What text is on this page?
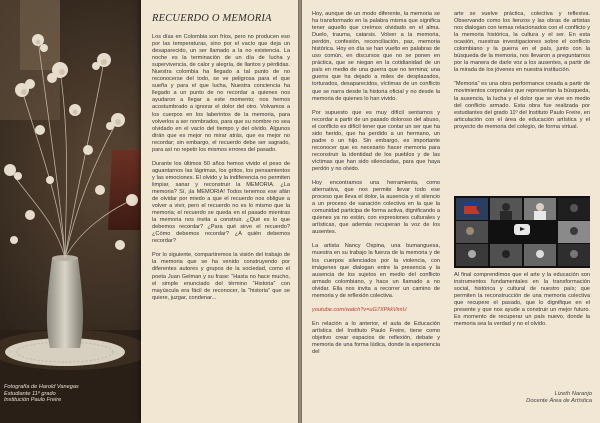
RECUERDO O MEMORIA

Los días en Colombia son fríos, pero no producen eso por las temperaturas, sino por el vacío que deja un desaparecido, un ser llamado a la no existencia. La noche es la terminación de un día de lucha y supervivencia, de calor y alegría, de llantos y pérdidas. Nuestra colombia ha llegado a tal punto de no reconocerse del todo, se ve peligrosa para el que sueña y para el que lucha, Nuestra conciencia ha llegado a un punto de no recordar a quienes nos ayudaron a llegar a este momento; nos hemos acostumbrado a ignorar el dolor del otro. Volvamos a los cuerpos en los laberintos de la memoria, para volverlos a ser nombrados, para que su nombre no sea olvidado en el vacío del tiempo y del olvido. Algunos dirán que es mejor no mirar atrás, que es mejor no recordar; sin embargo, el recuerdo debe ser sagrado, para así no repetir los mismos errores del pasado.

Durante los últimos 50 años hemos vivido el peso de aguantarnos las lágrimas, los gritos, los pensamientos y las emociones. El olvido y la indiferencia no permiten limpiar, sanar y reconstruir la MEMORIA. ¿La memoria? Sí, ¡la MEMORIA! Todos tenemos ese afán de olvidar por miedo a que el recuerdo nos obligue a volver a vivir, pero el recuerdo no es lo mismo que la memoria; el recuerdo se queda en el pasado mientras la memoria nos invita a construir. ¿Qué es lo que debemos recordar? ¿Para qué sirve el recuerdo? ¿Cómo debemos recordar? ¿A quién debemos recordar?

Por lo siguiente, compartiremos la visión del trabajo de la memoria que se ha venido construyendo por diferentes autores y grupos de la sociedad, como el poeta Juan Gelman y su frase: “Hasta no hace mucho, el simple enunciado del término “Historia” con mayúscula era fácil de reconocer, la “historia” que se quiere, juzgar, condenar...

Fotografía de Harold Vanegas
Estudiante 11º grado
Institución Paulo Freire

Hoy, aunque de un modo diferente, la memoria se ha transformado en la palabra misma que significa tener aquello que creímos olvidado en el alma. Duelo, trauma, catarsis. Volver a la memoria, perdón, confesión, reconciliación, paz, memoria histórica. Hoy en día se han vuelto en palabras de uso común, en discursos que no se ponen en práctica, que se niegan en la cotidianidad de un país en medio de una guerra que no termina; una guerra que ha dejado a miles de desplazados, torturados, desaparecidos, víctimas de un conflicto que se narra desde la historia oficial y no desde la memoria de quienes lo han vivido.

Por supuesto que es muy difícil sentarnos y recordar a partir de un pasado doloroso del abuso, el conflicto es difícil tener que contar un ser que ha sido herido, que ha perdido a un hermano, un padre o un hijo. Sin embargo, es importante reconocer que es necesario hacer memoria para reconstruir la identidad de los pueblos y de las víctimas que han sido silenciadas, para que haya perdón y no olvido.

Hoy encontramos una herramienta, como alternativa, que nos permite llevar todo ese proceso que lleva el dolor, la ausencia y el silencio a un proceso de sanación colectiva en la que la comunidad participa de forma activa, dignificando a quienes ya no están, con expresiones culturales y artísticas, que además recuperan la voz de los ausentes.

La artista Nancy Ospina, una bumanguesa, muestra en su trabajo la fuerza de la memoria y de los cuerpos silenciados por la violencia, con imágenes que dialogan entre la presencia y la ausencia de los sujetos en medio del conflicto armado colombiano, y hace un llamado a no olvidar. Ella nos invita a recorrer un camino de memoria y de reflexión colectiva.

youtube.com/watch?v=uG7XPkkVimU

En relación a lo anterior, el aula de Educación artística del Instituto Paulo Freire, tiene como objetivo crear espacios de reflexión, debate y memoria de una forma lúdica, donde la experiencia del

arte se vuelve práctica, colectiva y reflexiva. Observando como los lienzos y las obras de artistas nos dialogan con temas relacionados con el conflicto y la memoria histórica, la cultura y el ser. En esta ocasión, nuestras investigaciones sobre el conflicto colombiano y la guerra en el país, junto con la búsqueda de la memoria, nos llevaron a preguntarnos por la manera de darle voz a los ausentes, a partir de la mirada de los jóvenes en nuestra institución.

“Memoria” es una obra performance creada a partir de movimientos corporales que representan la búsqueda, la ausencia, la lucha y el dolor que se vive en medio del conflicto armado. Esta obra fue realizada por estudiantes del grado 11º del Instituto Paulo Freire, en articulación con el área de educación artística y el proyecto de memoria del colegio, de forma virtual.

Al final comprendimos que el arte y la educación son instrumentos fundamentales en la transformación social, histórica y cultural de nuestro país; que permiten la reconstrucción de una memoria colectiva que recupere el pasado, que lo dignifique en el presente y que nos ayude a construir un mejor futuro. Es momento de recuperar un país nuevo, donde la memoria sea la verdad y no el olvido.

Lizeth Naranjo
Docente Área de Artística
